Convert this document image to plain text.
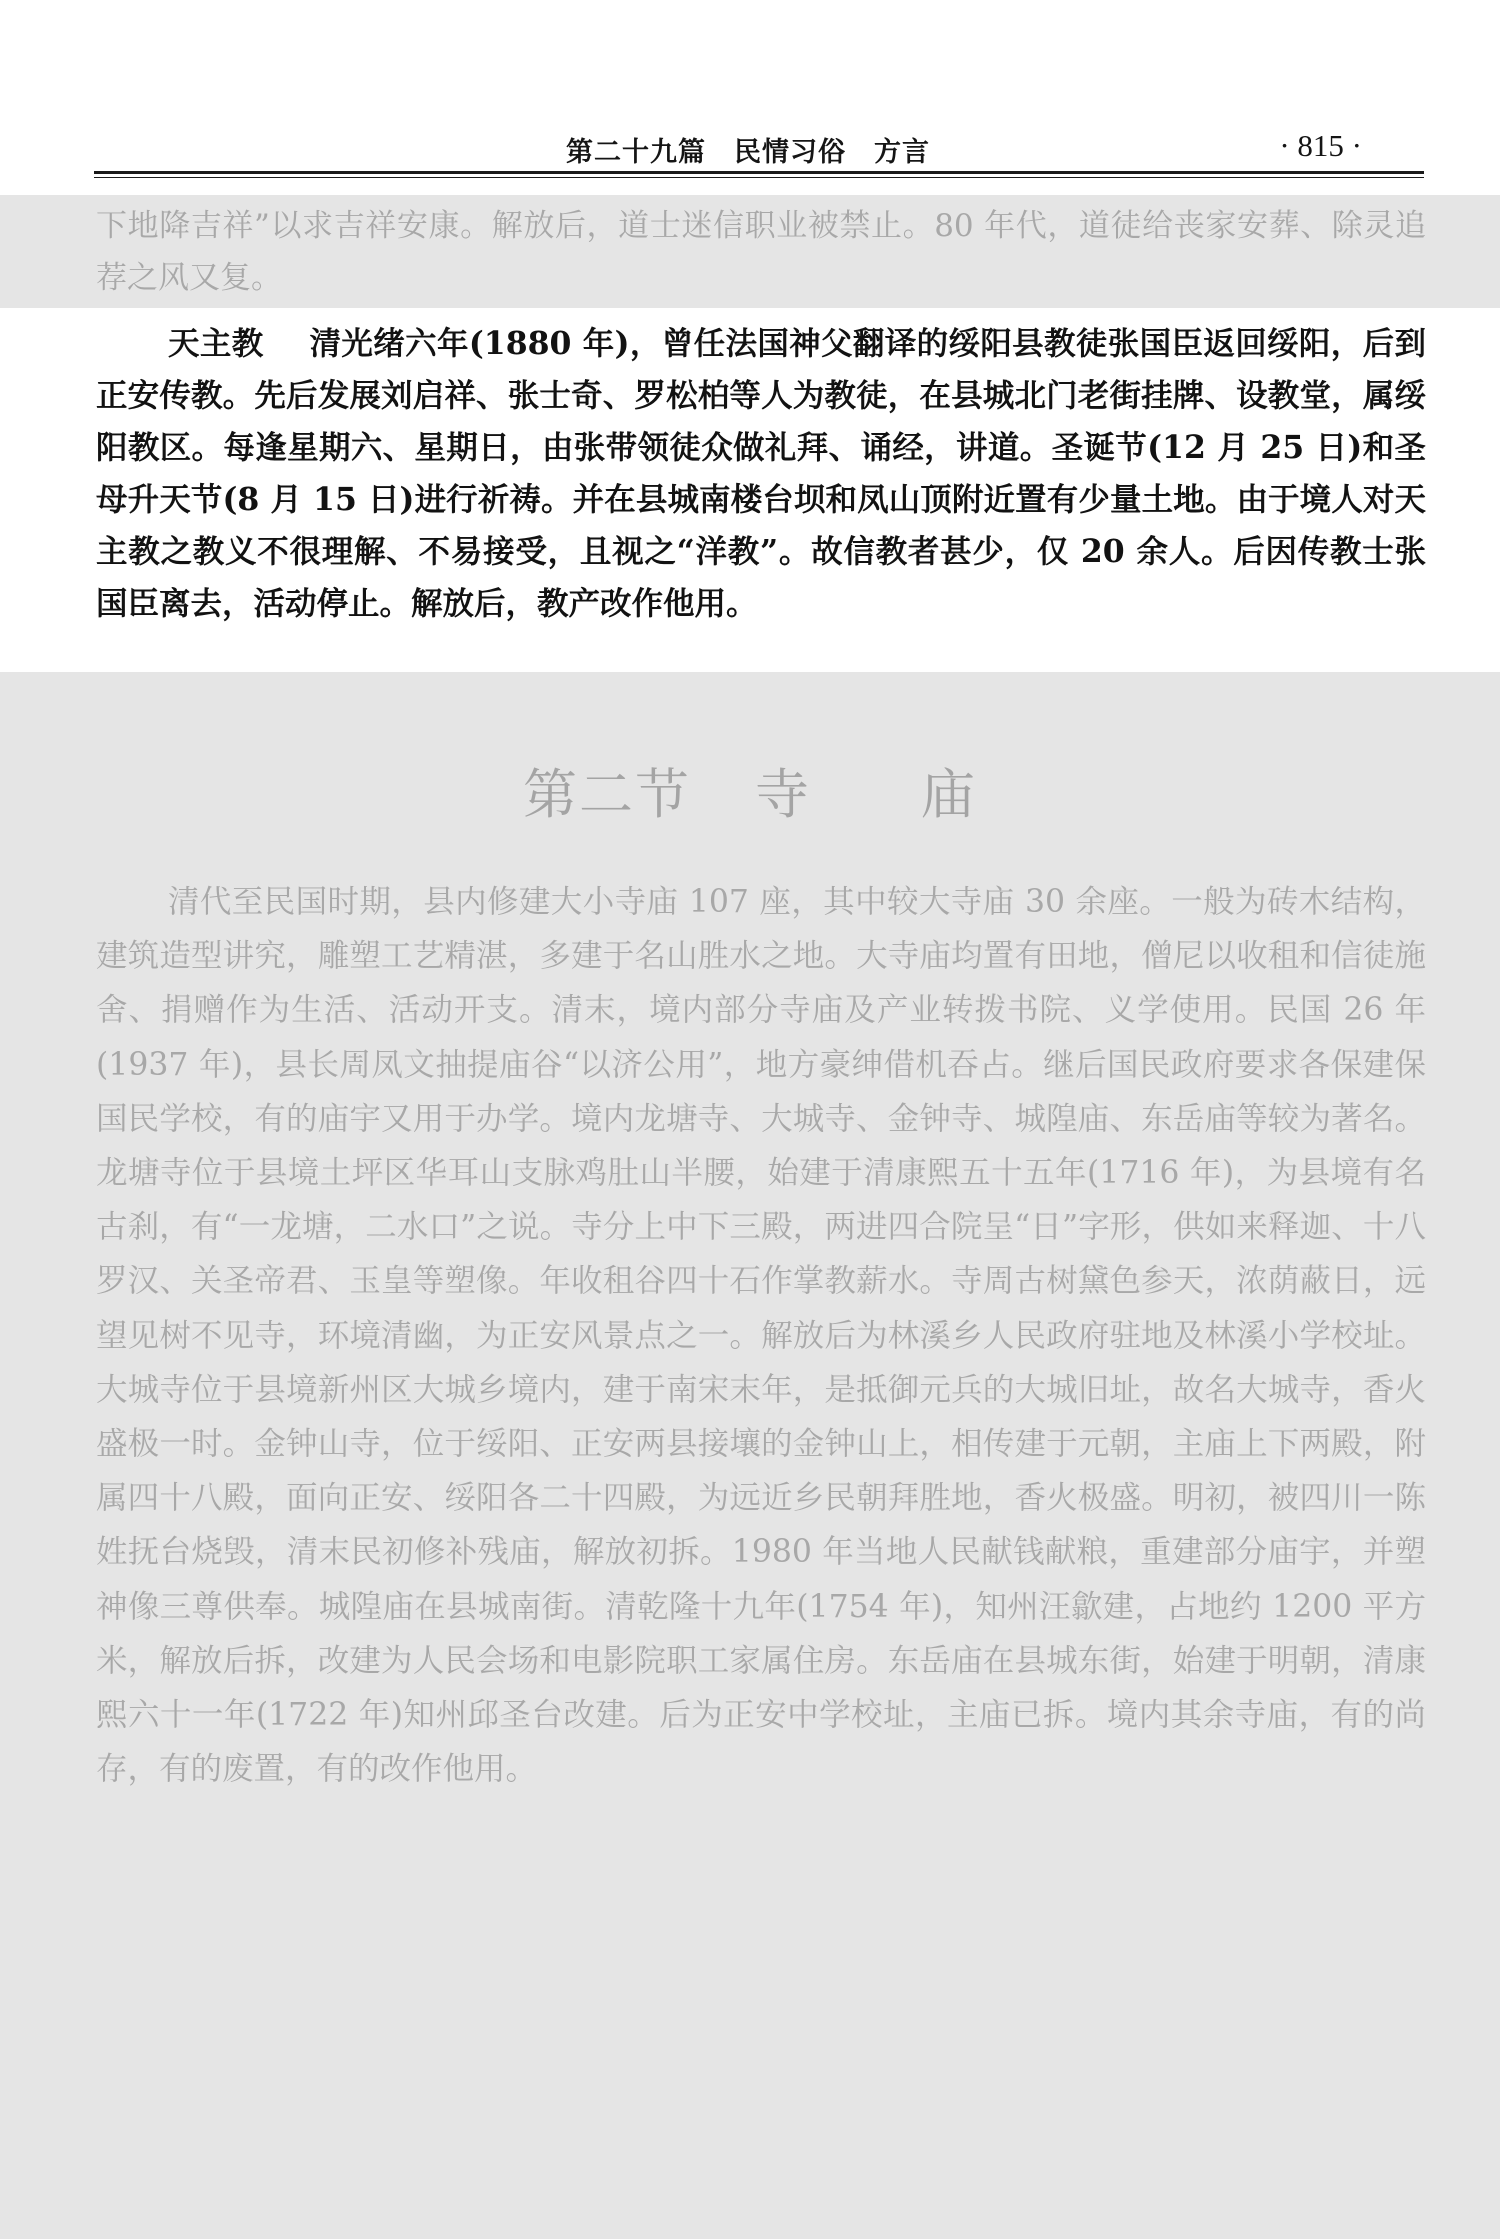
第二十九篇　民情习俗　方言	· 815 ·

下地降吉祥”以求吉祥安康。解放后，道士迷信职业被禁止。80 年代，道徒给丧家安葬、除灵追荐之风又复。

天主教 清光绪六年(1880 年)，曾任法国神父翻译的绥阳县教徒张国臣返回绥阳，后到正安传教。先后发展刘启祥、张士奇、罗松柏等人为教徒，在县城北门老街挂牌、设教堂，属绥阳教区。每逢星期六、星期日，由张带领徒众做礼拜、诵经，讲道。圣诞节(12 月 25 日)和圣母升天节(8 月 15 日)进行祈祷。并在县城南楼台坝和凤山顶附近置有少量土地。由于境人对天主教之教义不很理解、不易接受，且视之“洋教”。故信教者甚少，仅 20 余人。后因传教士张国臣离去，活动停止。解放后，教产改作他用。

第二节 寺 庙

清代至民国时期，县内修建大小寺庙 107 座，其中较大寺庙 30 余座。一般为砖木结构，建筑造型讲究，雕塑工艺精湛，多建于名山胜水之地。大寺庙均置有田地，僧尼以收租和信徒施舍、捐赠作为生活、活动开支。清末，境内部分寺庙及产业转拨书院、义学使用。民国 26 年(1937 年)，县长周凤文抽提庙谷“以济公用”，地方豪绅借机吞占。继后国民政府要求各保建保国民学校，有的庙宇又用于办学。境内龙塘寺、大城寺、金钟寺、城隍庙、东岳庙等较为著名。龙塘寺位于县境土坪区华耳山支脉鸡肚山半腰，始建于清康熙五十五年(1716 年)，为县境有名古刹，有“一龙塘，二水口”之说。寺分上中下三殿，两进四合院呈“日”字形，供如来释迦、十八罗汉、关圣帝君、玉皇等塑像。年收租谷四十石作掌教薪水。寺周古树黛色参天，浓荫蔽日，远望见树不见寺，环境清幽，为正安风景点之一。解放后为林溪乡人民政府驻地及林溪小学校址。大城寺位于县境新州区大城乡境内，建于南宋末年，是抵御元兵的大城旧址，故名大城寺，香火盛极一时。金钟山寺，位于绥阳、正安两县接壤的金钟山上，相传建于元朝，主庙上下两殿，附属四十八殿，面向正安、绥阳各二十四殿，为远近乡民朝拜胜地，香火极盛。明初，被四川一陈姓抚台烧毁，清末民初修补残庙，解放初拆。1980 年当地人民献钱献粮，重建部分庙宇，并塑神像三尊供奉。城隍庙在县城南街。清乾隆十九年(1754 年)，知州汪歙建，占地约 1200 平方米，解放后拆，改建为人民会场和电影院职工家属住房。东岳庙在县城东街，始建于明朝，清康熙六十一年(1722 年)知州邱圣台改建。后为正安中学校址，主庙已拆。境内其余寺庙，有的尚存，有的废置，有的改作他用。
